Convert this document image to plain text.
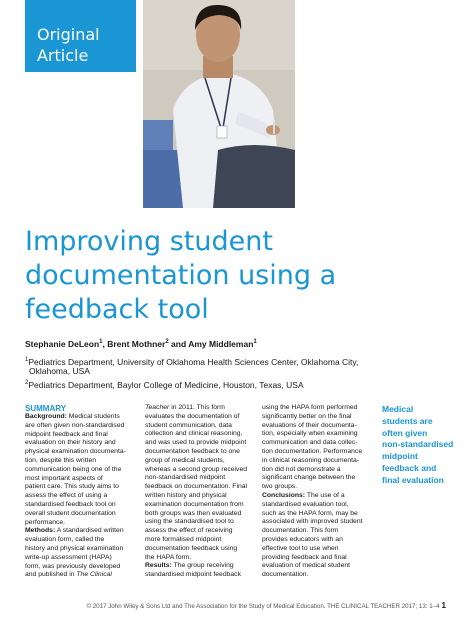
Original
Article
Improving student documentation using a feedback tool
Stephanie DeLeon$^1$, Brent Mothner$^2$ and Amy Middleman$^1$
$^1$Pediatrics Department, University of Oklahoma Health Sciences Center, Oklahoma City,
Oklahoma, USA
$^2$Pediatrics Department, Baylor College of Medicine, Houston, Texas, USA

SUMMARY

Background: Medical students

are often given non-standardised

midpoint feedback and final

evaluation on their history and

physical examination documenta-

tion, despite this written

communication being one of the

most important aspects of

patient care. This study aims to

assess the effect of using a

standardised feedback tool on

overall student documentation

performance.

Methods: A standardised written

evaluation form, called the

history and physical examination

write-up assessment (HAPA)

form, was previously developed

and published in The Clinical

Teacher in 2011. This form

evaluates the documentation of

student communication, data

collection and clinical reasoning,

and was used to provide midpoint

documentation feedback to one

group of medical students,

whereas a second group received

non-standardised midpoint

feedback on documentation. Final

written history and physical

examination documentation from

both groups was then evaluated

using the standardised tool to

assess the effect of receiving

more formalised midpoint

documentation feedback using

the HAPA form.

Results: The group receiving

standardised midpoint feedback

using the HAPA form performed

significantly better on the final

evaluations of their documenta-

tion, especially when examining

communication and data collec-

tion documentation. Performance

in clinical reasoning documenta-

tion did not demonstrate a

significant change between the

two groups.

Conclusions: The use of a

standardised evaluation tool,

such as the HAPA form, may be

associated with improved student

documentation. This form

provides educators with an

effective tool to use when

providing feedback and final

evaluation of medical student

documentation.

Medical
students are
often given
non-standardised
midpoint
feedback and
final evaluation
© 2017 John Wiley & Sons Ltd and The Association for the Study of Medical Education. THE CLINICAL TEACHER 2017; 13: 1–4 1
